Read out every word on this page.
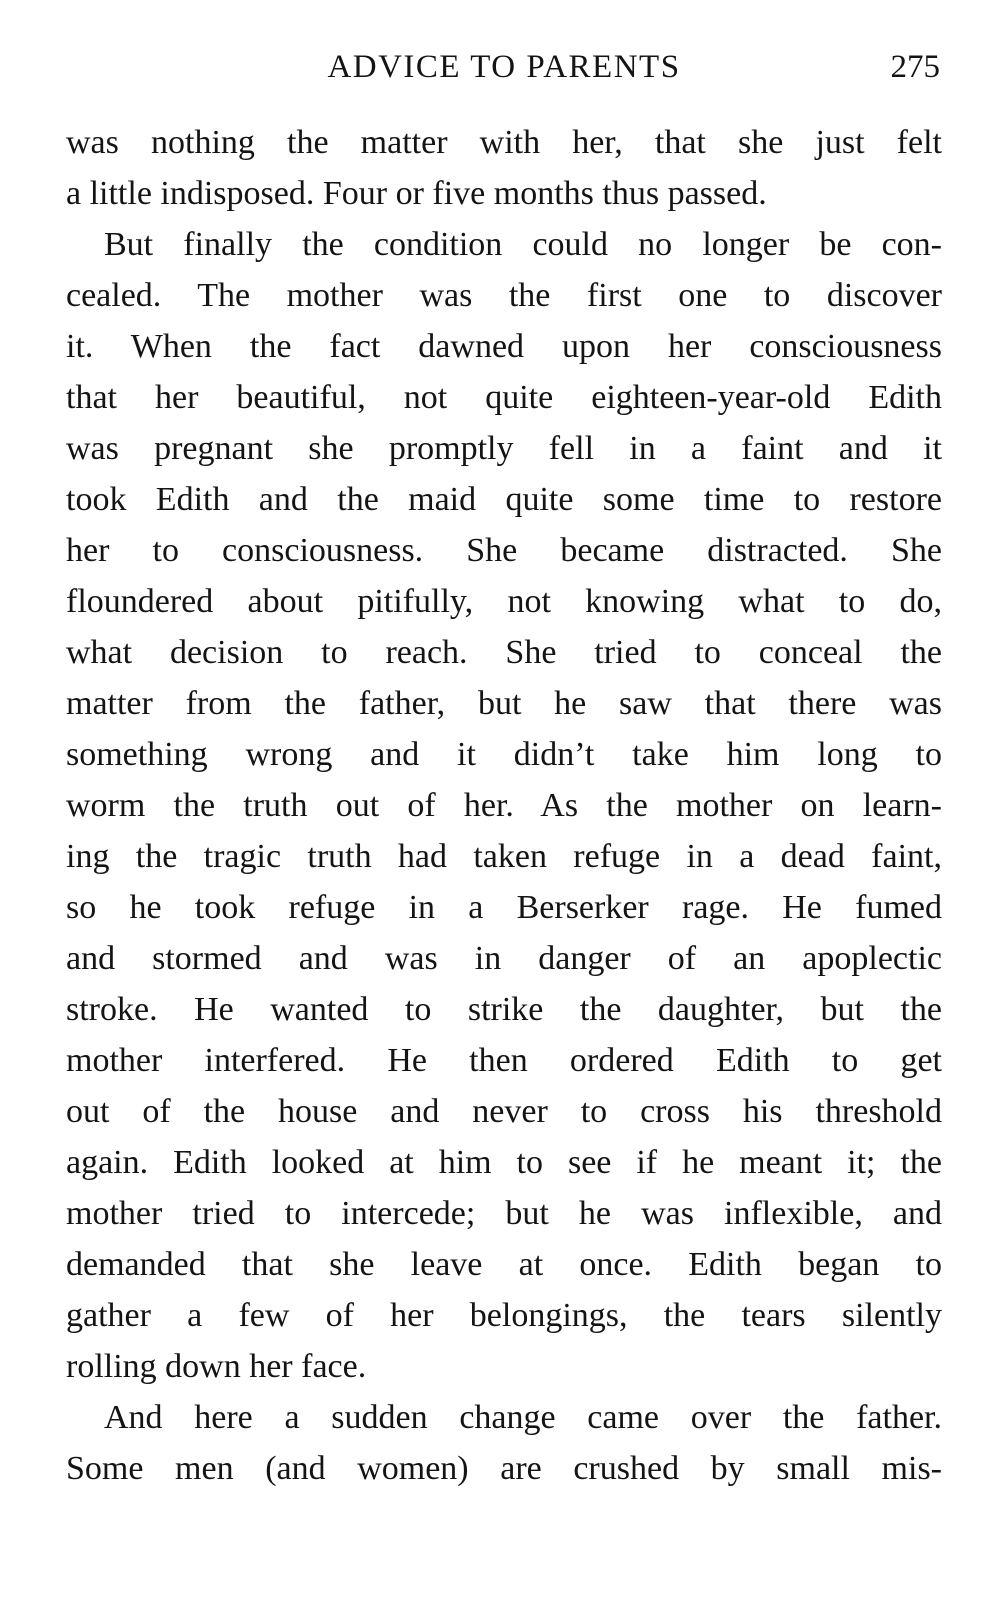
ADVICE TO PARENTS	275
was nothing the matter with her, that she just felt
a little indisposed. Four or five months thus passed.
But finally the condition could no longer be con-
cealed. The mother was the first one to discover
it. When the fact dawned upon her consciousness
that her beautiful, not quite eighteen-year-old Edith
was pregnant she promptly fell in a faint and it
took Edith and the maid quite some time to restore
her to consciousness. She became distracted. She
floundered about pitifully, not knowing what to do,
what decision to reach. She tried to conceal the
matter from the father, but he saw that there was
something wrong and it didn’t take him long to
worm the truth out of her. As the mother on learn-
ing the tragic truth had taken refuge in a dead faint,
so he took refuge in a Berserker rage. He fumed
and stormed and was in danger of an apoplectic
stroke. He wanted to strike the daughter, but the
mother interfered. He then ordered Edith to get
out of the house and never to cross his threshold
again. Edith looked at him to see if he meant it; the
mother tried to intercede; but he was inflexible, and
demanded that she leave at once. Edith began to
gather a few of her belongings, the tears silently
rolling down her face.
And here a sudden change came over the father.
Some men (and women) are crushed by small mis-
